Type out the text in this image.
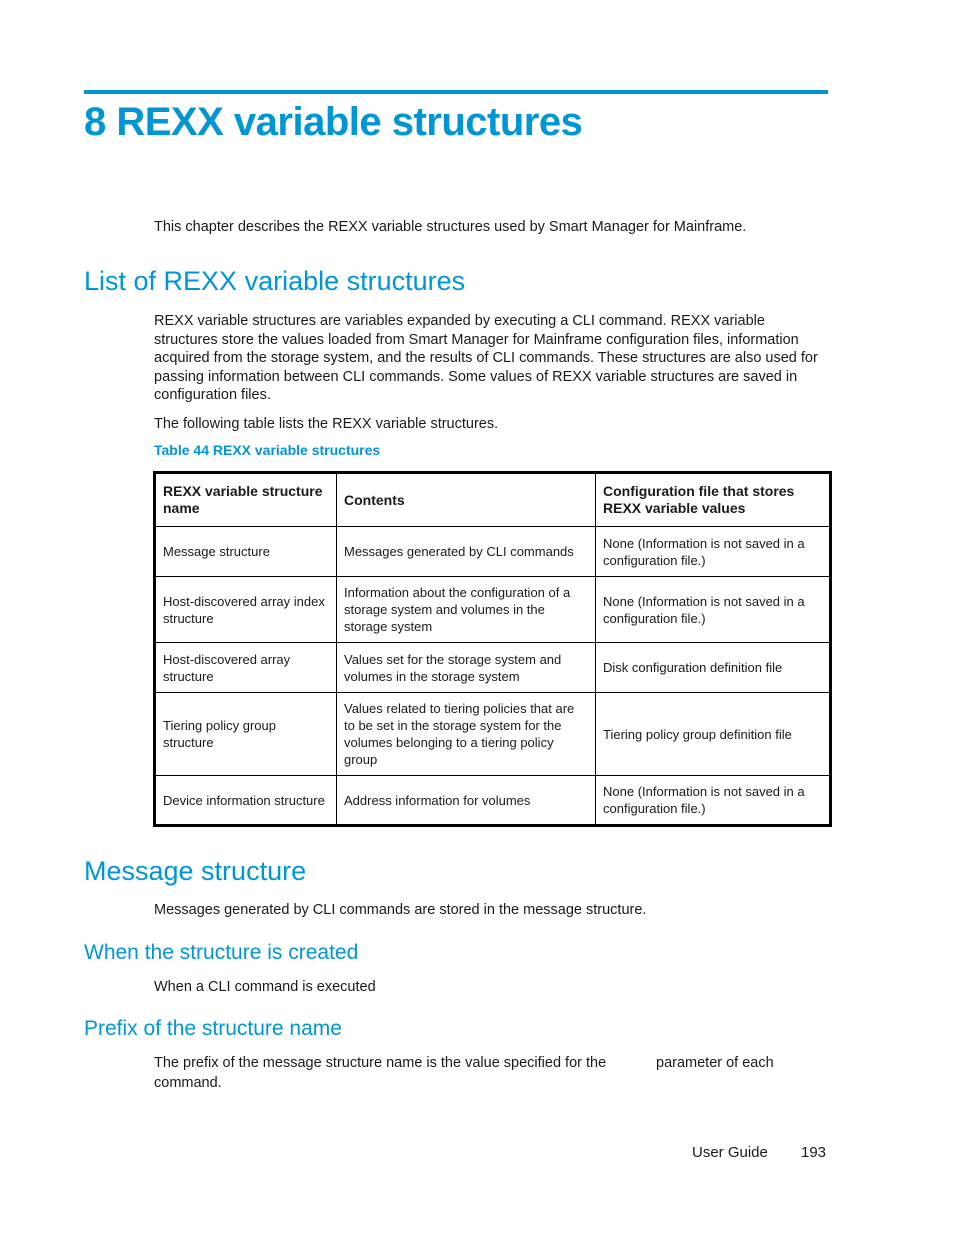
8 REXX variable structures

This chapter describes the REXX variable structures used by Smart Manager for Mainframe.

List of REXX variable structures

REXX variable structures are variables expanded by executing a CLI command. REXX variable structures store the values loaded from Smart Manager for Mainframe configuration files, information acquired from the storage system, and the results of CLI commands. These structures are also used for passing information between CLI commands. Some values of REXX variable structures are saved in configuration files.

The following table lists the REXX variable structures.

Table 44 REXX variable structures

REXX variable structure name	Contents	Configuration file that stores REXX variable values
Message structure	Messages generated by CLI commands	None (Information is not saved in a configuration file.)
Host-discovered array index structure	Information about the configuration of a storage system and volumes in the storage system	None (Information is not saved in a configuration file.)
Host-discovered array structure	Values set for the storage system and volumes in the storage system	Disk configuration definition file
Tiering policy group structure	Values related to tiering policies that are to be set in the storage system for the volumes belonging to a tiering policy group	Tiering policy group definition file
Device information structure	Address information for volumes	None (Information is not saved in a configuration file.)
Message structure

Messages generated by CLI commands are stored in the message structure.

When the structure is created

When a CLI command is executed

Prefix of the structure name

The prefix of the message structure name is the value specified for the	parameter of each

command.

User Guide 193
